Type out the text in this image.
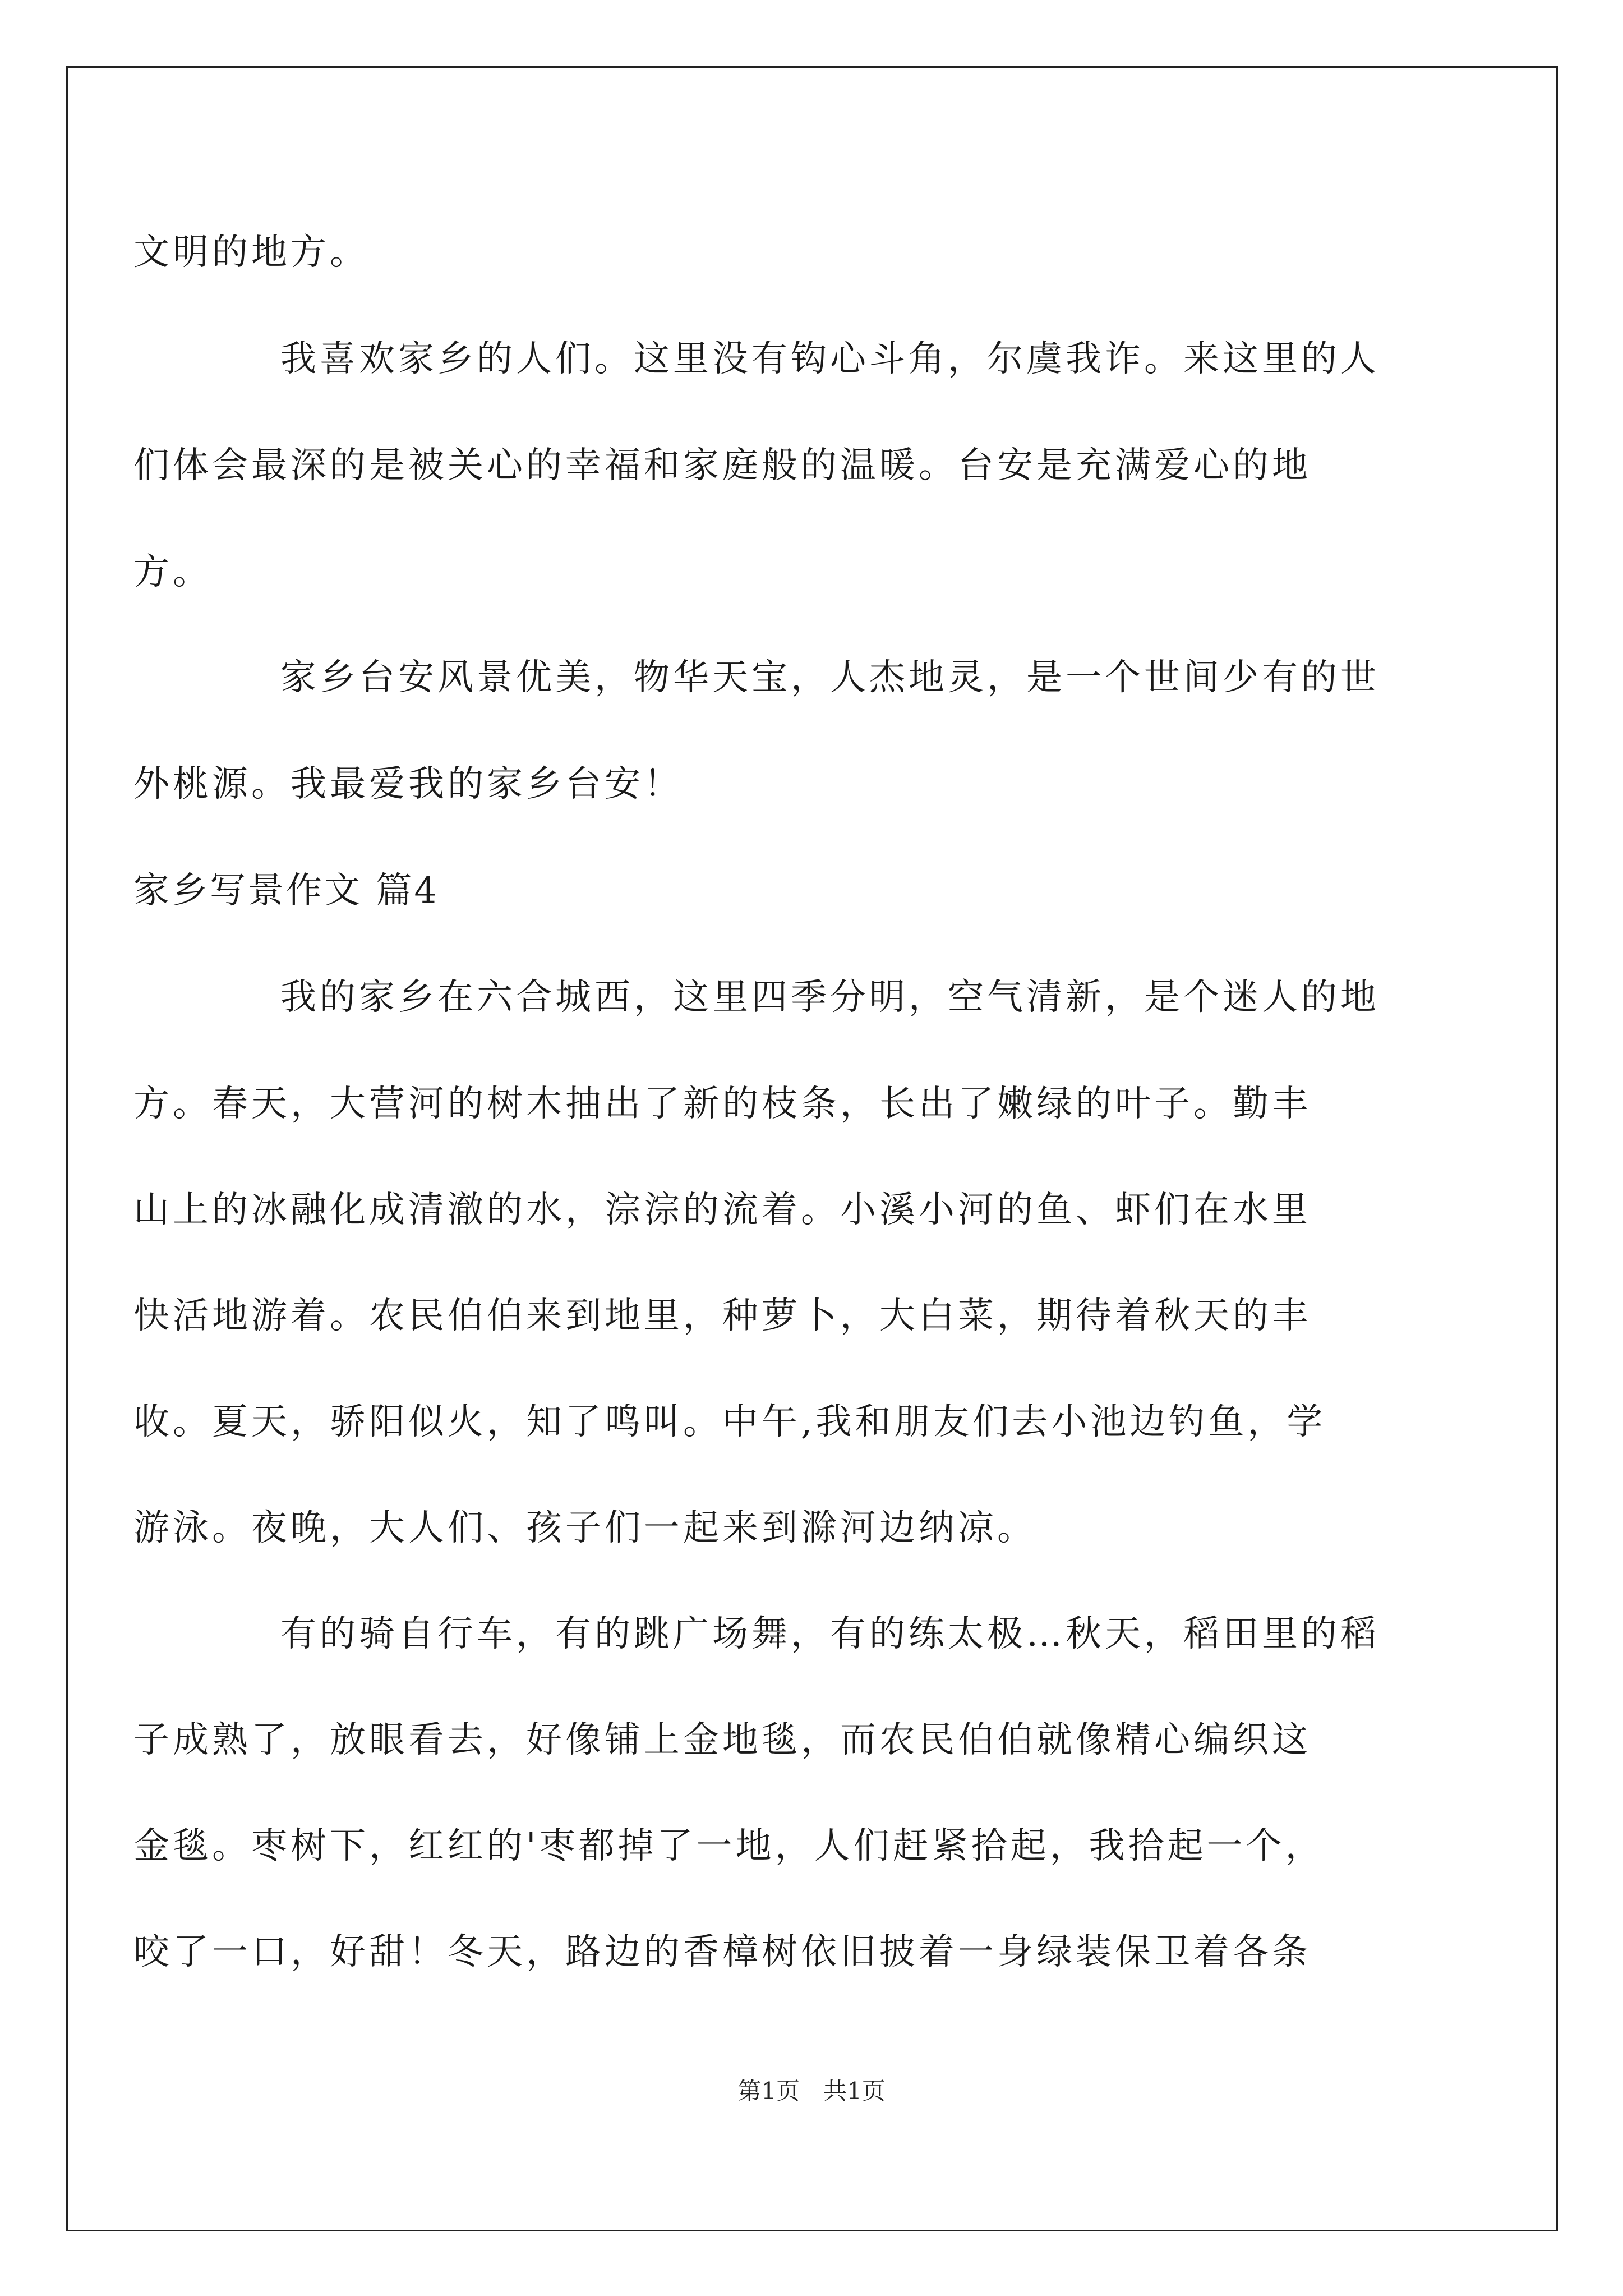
文明的地方。
我喜欢家乡的人们。这里没有钩心斗角，尔虞我诈。来这里的人
们体会最深的是被关心的幸福和家庭般的温暖。台安是充满爱心的地
方。
家乡台安风景优美，物华天宝，人杰地灵，是一个世间少有的世
外桃源。我最爱我的家乡台安！
家乡写景作文 篇4
我的家乡在六合城西，这里四季分明，空气清新，是个迷人的地
方。春天，大营河的树木抽出了新的枝条，长出了嫩绿的叶子。勤丰
山上的冰融化成清澈的水，淙淙的流着。小溪小河的鱼、虾们在水里
快活地游着。农民伯伯来到地里，种萝卜，大白菜，期待着秋天的丰
收。夏天，骄阳似火，知了鸣叫。中午,我和朋友们去小池边钓鱼，学
游泳。夜晚，大人们、孩子们一起来到滁河边纳凉。
有的骑自行车，有的跳广场舞，有的练太极…秋天，稻田里的稻
子成熟了，放眼看去，好像铺上金地毯，而农民伯伯就像精心编织这
金毯。枣树下，红红的'枣都掉了一地，人们赶紧拾起，我拾起一个，
咬了一口，好甜！冬天，路边的香樟树依旧披着一身绿装保卫着各条
第1页　共1页
